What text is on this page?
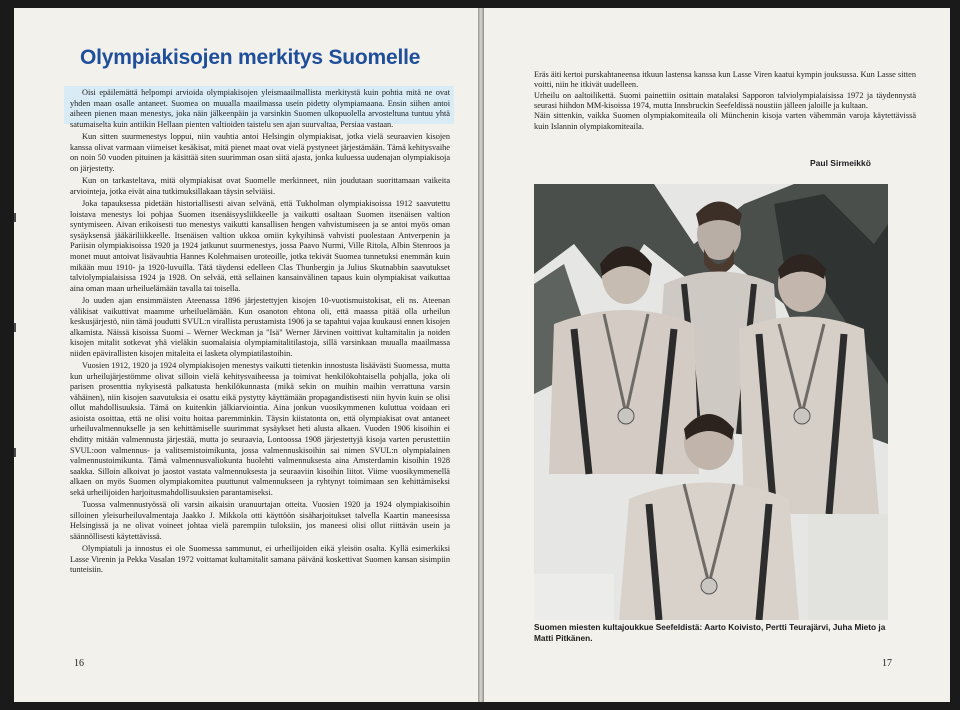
Olympiakisojen merkitys Suomelle

Oisi epäilemättä helpompi arvioida olympiakisojen yleismaailmallista merkitystä kuin pohtia mitä ne ovat yhden maan osalle antaneet. Suomea on muualla maailmassa usein pidetty olympiamaana. Ensin siihen antoi aiheen pienen maan menestys, joka näin jälkeenpäin ja varsinkin Suomen ulkopuolella arvosteltuna tuntuu yhtä satumaiselta kuin antiikin Hellaan pienten valtioiden taistelu sen ajan suurvaltaa, Persiaa vastaan.

Kun sitten suurmenestys loppui, niin vauhtia antoi Helsingin olympiakisat, jotka vielä seuraavien kisojen kanssa olivat varmaan viimeiset kesäkisat, mitä pienet maat ovat vielä pystyneet järjestämään. Tämä kehitysvaihe on noin 50 vuoden pituinen ja käsittää siten suurimman osan siitä ajasta, jonka kuluessa uudenajan olympiakisoja on järjestetty.

Kun on tarkasteltava, mitä olympiakisat ovat Suomelle merkinneet, niin joudutaan suorittamaan vaikeita arviointeja, jotka eivät aina tutkimuksillakaan täysin selviäisi.

Joka tapauksessa pidetään historiallisesti aivan selvänä, että Tukholman olympiakisoissa 1912 saavutettu loistava menestys loi pohjaa Suomen itsenäisyysliikkeelle ja vaikutti osaltaan Suomen itsenäisen valtion syntymiseen. Aivan erikoisesti tuo menestys vaikutti kansallisen hengen vahvistumiseen ja se antoi myös oman sysäyksensä jääkäriliikkeelle. Itsenäisen valtion ukkoa omiin kykyihinsä vahvisti puolestaan Antverpenin ja Pariisin olympiakisoissa 1920 ja 1924 jatkunut suurmenestys, jossa Paavo Nurmi, Ville Ritola, Albin Stenroos ja monet muut antoivat lisävauhtia Hannes Kolehmaisen uroteoille, jotka tekivät Suomea tunnetuksi enemmän kuin mikään muu 1910- ja 1920-luvuilla. Tätä täydensi edelleen Clas Thunbergin ja Julius Skutnabbin saavutukset talviolympialaisissa 1924 ja 1928. On selvää, että sellainen kansainvälinen tapaus kuin olympiakisat vaikuttaa aina oman maan urheiluelämään tavalla tai toisella.

Jo uuden ajan ensimmäisten Ateenassa 1896 järjestettyjen kisojen 10-vuotismuistokisat, eli ns. Ateenan välikisat vaikuttivat maamme urheiluelämään. Kun osanoton ehtona oli, että maassa pitää olla urheilun keskusjärjestö, niin tämä joudutti SVUL:n virallista perustamista 1906 ja se tapahtui vajaa kuukausi ennen kisojen alkamista. Näissä kisoissa Suomi – Werner Weckman ja "Isä" Werner Järvinen voittivat kultamitalin ja noiden kisojen mitalit sotkevat yhä vieläkin suomalaisia olympiamitalitilastoja, sillä varsinkaan muualla maailmassa niiden epävirallisten kisojen mitaleita ei lasketa olympiatilastoihin.

Vuosien 1912, 1920 ja 1924 olympiakisojen menestys vaikutti tietenkin innostusta lisäävästi Suomessa, mutta kun urheilujärjestömme olivat silloin vielä kehitysvaiheessa ja toimivat henkilökohtaisella pohjalla, joka oli parisen prosenttia nykyisestä palkatusta henkilökunnasta (mikä sekin on muihin maihin verrattuna varsin vähäinen), niin kisojen saavutuksia ei osattu eikä pystytty käyttämään propagandistisesti niin hyvin kuin se olisi ollut mahdollisuuksia. Tämä on kuitenkin jälkiarviointia. Aina jonkun vuosikymmenen kuluttua voidaan eri asioista osoittaa, että ne olisi voitu hoitaa paremminkin. Täysin kiistatonta on, että olympiakisat ovat antaneet urheiluvalmennukselle ja sen kehittämiselle suurimmat sysäykset heti alusta alkaen. Vuoden 1906 kisoihin ei ehditty mitään valmennusta järjestää, mutta jo seuraavia, Lontoossa 1908 järjestettyjä kisoja varten perustettiin SVUL:oon valmennus- ja valitsemistoimikunta, jossa valmennuskisoihin sai nimen SVUL:n olympialainen valmennustoimikunta. Tämä valmennusvaliokunta huolehti valmennuksesta aina Amsterdamin kisoihin 1928 saakka. Silloin alkoivat jo jaostot vastata valmennuksesta ja seuraaviin kisoihin liitot. Viime vuosikymmenellä alkaen on myös Suomen olympiakomitea puuttunut valmennukseen ja ryhtynyt toimimaan sen kehittämiseksi sekä urheilijoiden harjoitusmahdollisuuksien parantamiseksi.

Tuossa valmennustyössä oli varsin aikaisin uranuurtajan otteita. Vuosien 1920 ja 1924 olympiakisoihin silloinen yleisurheiluvalmentaja Jaakko J. Mikkola otti käyttöön sisäharjoitukset talvella Kaartin maneesissa Helsingissä ja ne olivat voineet johtaa vielä parempiin tuloksiin, jos maneesi olisi ollut riittävän usein ja säännöllisesti käytettävissä.

Olympiatuli ja innostus ei ole Suomessa sammunut, ei urheilijoiden eikä yleisön osalta. Kyllä esimerkiksi Lasse Virenin ja Pekka Vasalan 1972 voittamat kultamitalit samana päivänä koskettivat Suomen kansan sisimpiin tunteisiin.

16

Eräs äiti kertoi purskahtaneensa itkuun lastensa kanssa kun Lasse Viren kaatui kympin jouksussa. Kun Lasse sitten voitti, niin he itkivät uudelleen.

Urheilu on aaltoilikettä. Suomi painettiin osittain matalaksi Sapporon talviolympialaisissa 1972 ja täydennystä seurasi hiihdon MM-kisoissa 1974, mutta Innsbruckin Seefeldissä noustiin jälleen jaloille ja kultaan.

Näin sittenkin, vaikka Suomen olympiakomiteaila oli Münchenin kisoja varten vähemmän varoja käytettävissä kuin Islannin olympiakomiteaila.

Paul Sirmeikkö
Suomen miesten kultajoukkue Seefeldistä: Aarto Koivisto, Pertti Teurajärvi, Juha Mieto ja Matti Pitkänen.
17
